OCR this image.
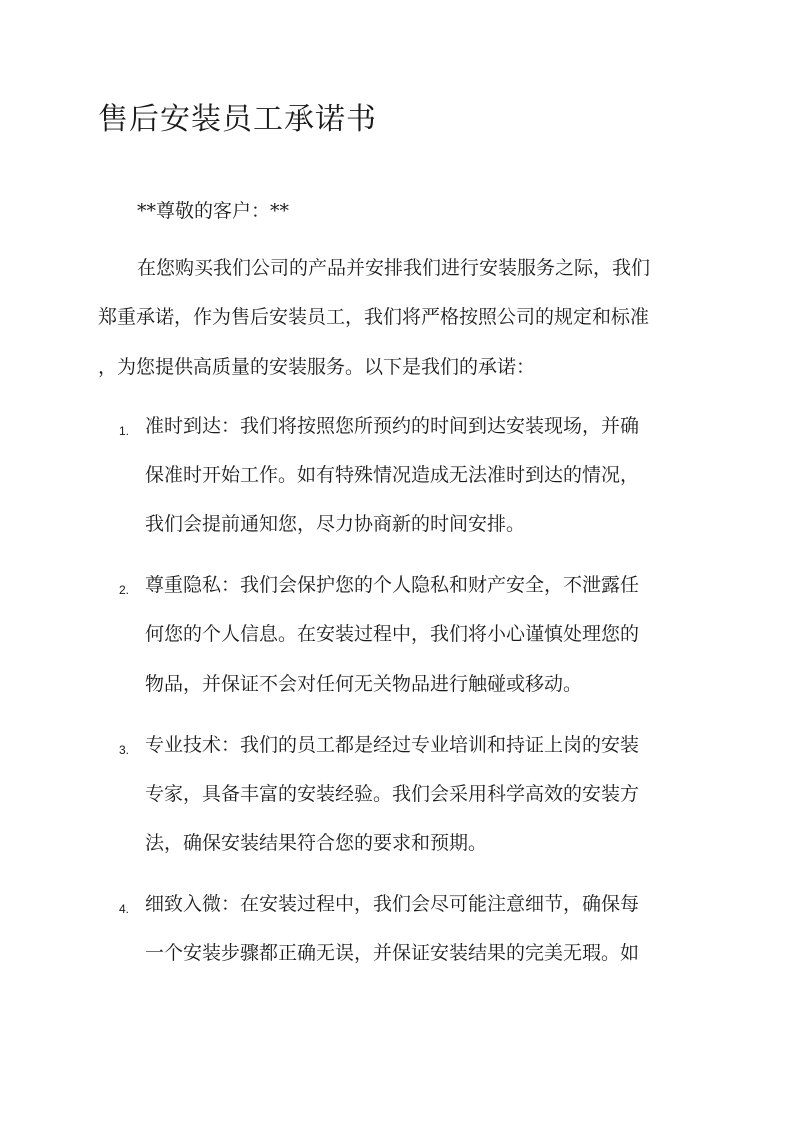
售后安装员工承诺书
**尊敬的客户：**
在您购买我们公司的产品并安排我们进行安装服务之际，我们
郑重承诺，作为售后安装员工，我们将严格按照公司的规定和标准
，为您提供高质量的安装服务。以下是我们的承诺：
1. 准时到达：我们将按照您所预约的时间到达安装现场，并确
保准时开始工作。如有特殊情况造成无法准时到达的情况，
我们会提前通知您，尽力协商新的时间安排。
2. 尊重隐私：我们会保护您的个人隐私和财产安全，不泄露任
何您的个人信息。在安装过程中，我们将小心谨慎处理您的
物品，并保证不会对任何无关物品进行触碰或移动。
3. 专业技术：我们的员工都是经过专业培训和持证上岗的安装
专家，具备丰富的安装经验。我们会采用科学高效的安装方
法，确保安装结果符合您的要求和预期。
4. 细致入微：在安装过程中，我们会尽可能注意细节，确保每
一个安装步骤都正确无误，并保证安装结果的完美无瑕。如
